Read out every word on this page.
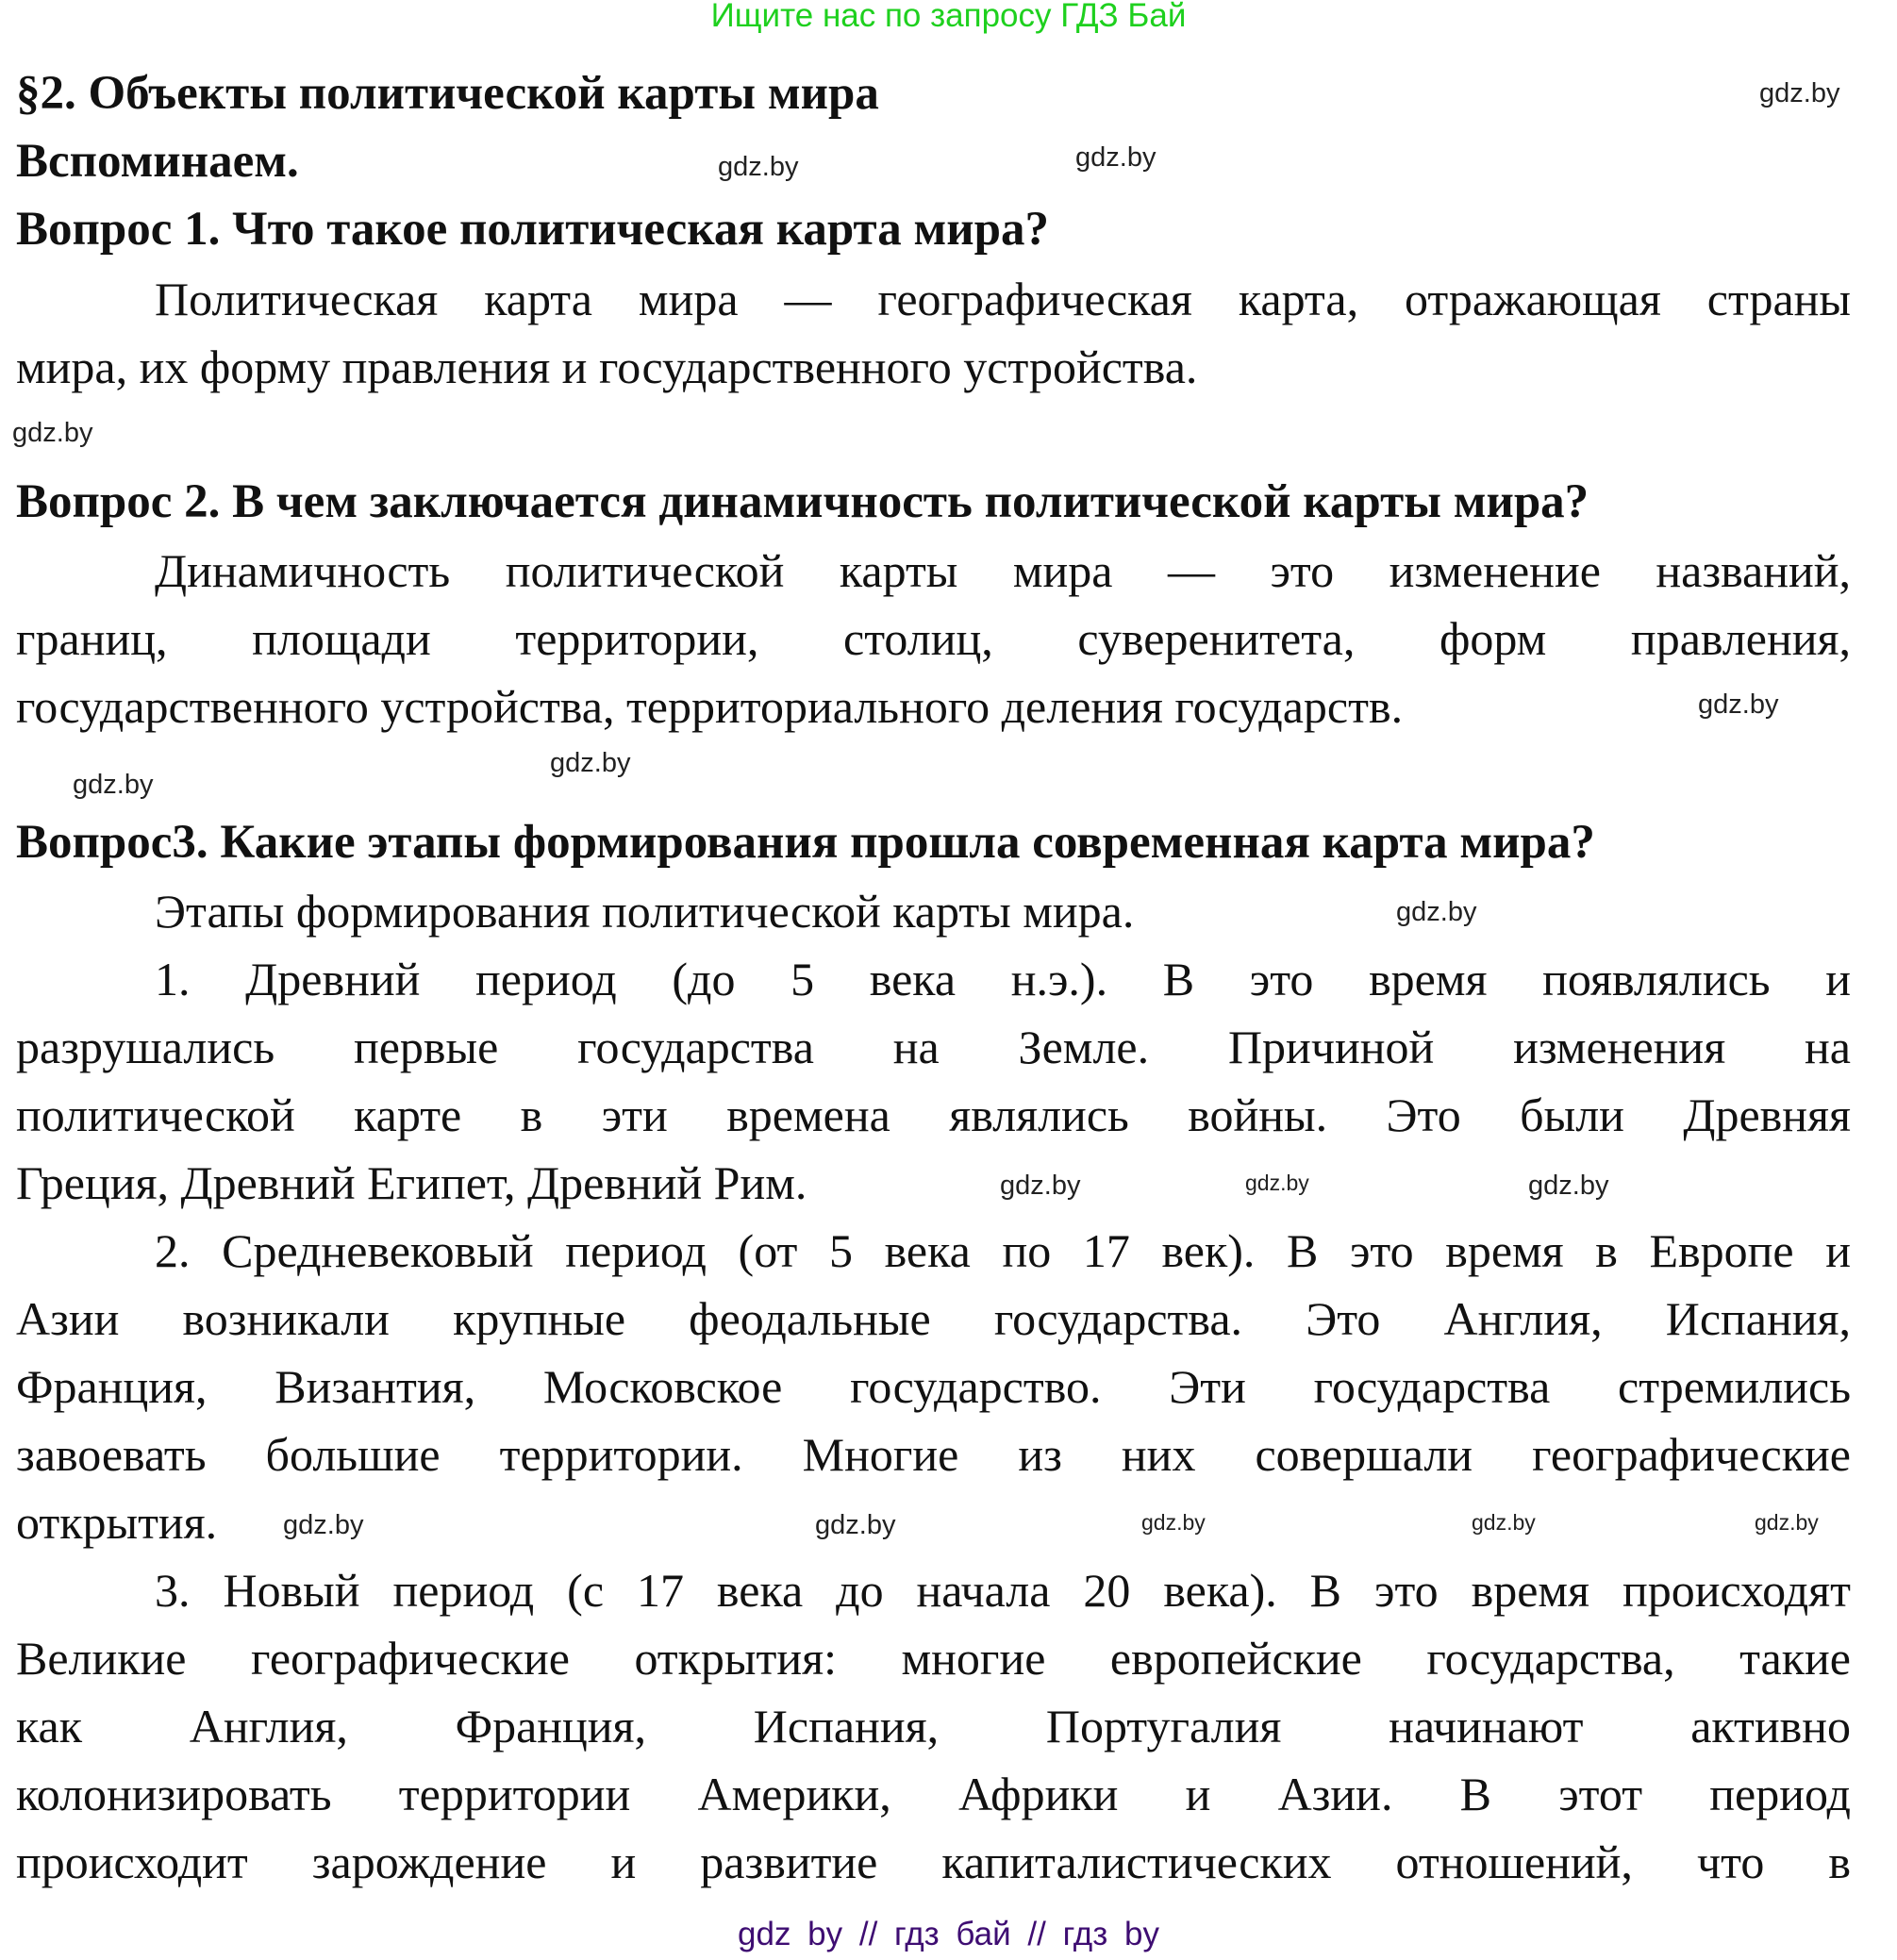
Ищите нас по запросу ГДЗ Бай
§2. Объекты политической карты мира
Вспоминаем.
Вопрос 1. Что такое политическая карта мира?
Политическая карта мира — географическая карта, отражающая страны
мира, их форму правления и государственного устройства.
Вопрос 2. В чем заключается динамичность политической карты мира?
Динамичность политической карты мира — это изменение названий,
границ, площади территории, столиц, суверенитета, форм правления,
государственного устройства, территориального деления государств.
Вопрос3. Какие этапы формирования прошла современная карта мира?
Этапы формирования политической карты мира.
1. Древний период (до 5 века н.э.). В это время появлялись и
разрушались первые государства на Земле. Причиной изменения на
политической карте в эти времена являлись войны. Это были Древняя
Греция, Древний Египет, Древний Рим.
2. Средневековый период (от 5 века по 17 век). В это время в Европе и
Азии возникали крупные феодальные государства. Это Англия, Испания,
Франция, Византия, Московское государство. Эти государства стремились
завоевать большие территории. Многие из них совершали географические
открытия.
3. Новый период (с 17 века до начала 20 века). В это время происходят
Великие географические открытия: многие европейские государства, такие
как Англия, Франция, Испания, Португалия начинают активно
колонизировать территории Америки, Африки и Азии. В этот период
происходит зарождение и развитие капиталистических отношений, что в
gdz.by
gdz.by
gdz.by
gdz.by
gdz.by
gdz.by
gdz.by
gdz.by
gdz.by
gdz.by	gdz.by
gdz.by
gdz.by
gdz.by	gdz.by	gdz.by
gdz by // гдз бай // гдз by
